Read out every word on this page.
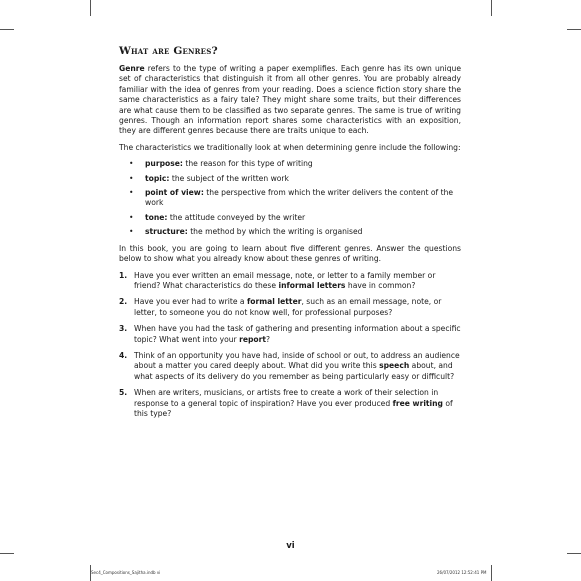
What are Genres?

Genre refers to the type of writing a paper exemplifies. Each genre has its own unique set of characteristics that distinguish it from all other genres. You are probably already familiar with the idea of genres from your reading. Does a science fiction story share the same characteristics as a fairy tale? They might share some traits, but their differences are what cause them to be classified as two separate genres. The same is true of writing genres. Though an information report shares some characteristics with an exposition, they are different genres because there are traits unique to each.

The characteristics we traditionally look at when determining genre include the following:

• purpose: the reason for this type of writing
• topic: the subject of the written work
• point of view: the perspective from which the writer delivers the content of the work
• tone: the attitude conveyed by the writer
• structure: the method by which the writing is organised

In this book, you are going to learn about five different genres. Answer the questions below to show what you already know about these genres of writing.

1. Have you ever written an email message, note, or letter to a family member or friend? What characteristics do these informal letters have in common?
2. Have you ever had to write a formal letter, such as an email message, note, or letter, to someone you do not know well, for professional purposes?
3. When have you had the task of gathering and presenting information about a specific topic? What went into your report?
4. Think of an opportunity you have had, inside of school or out, to address an audience about a matter you cared deeply about. What did you write this speech about, and what aspects of its delivery do you remember as being particularly easy or difficult?
5. When are writers, musicians, or artists free to create a work of their selection in response to a general topic of inspiration? Have you ever produced free writing of this type?
vi
Sec4_Compositions_Sajitha.indb vi	26/07/2012 12:52:41 PM
